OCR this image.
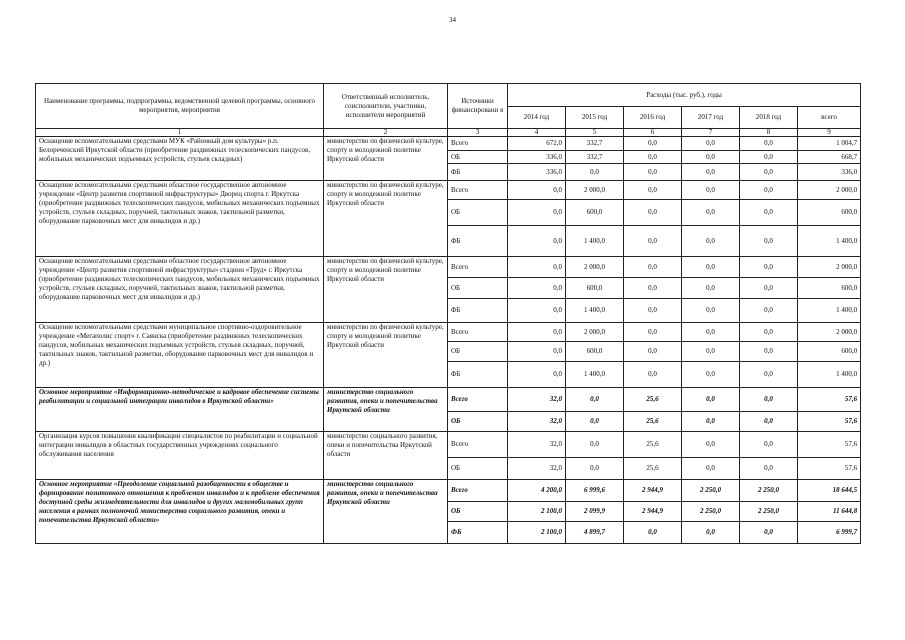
34
Наименование программы, подпрограммы, ведомственной целевой программы, основного мероприятия, мероприятия	Ответственный исполнитель, соисполнители, участники, исполнители мероприятий	Источники финансировани я	Расходы (тыс. руб.), годы					
			2014 год	2015 год	2016 год	2017 год	2018 год	всего
1	2	3	4	5	6	7	8	9
Оснащение вспомогательными средствами МУК «Районный дом культуры» р.п. Белореченский Иркутской области (приобретение раздвижных телескопических пандусов, мобильных механических подъемных устройств, стульев складных)	министерство по физической культуре, спорту и молодежной политике Иркутской области	Всего	672,0	332,7	0,0	0,0	0,0	1 004,7
		ОБ	336,0	332,7	0,0	0,0	0,0	668,7
		ФБ	336,0	0,0	0,0	0,0	0,0	336,0
Оснащение вспомогательными средствами областное государственное автономное учреждение «Центр развития спортивной инфраструктуры» Дворец спорта г. Иркутска (приобретение раздвижных телескопических пандусов, мобильных механических подъемных устройств, стульев складных, поручней, тактильных знаков, тактильной разметки, оборудование парковочных мест для инвалидов и др.)	министерство по физической культуре, спорту и молодежной политике Иркутской области	Всего	0,0	2 000,0	0,0	0,0	0,0	2 000,0
		ОБ	0,0	600,0	0,0	0,0	0,0	600,0
		ФБ	0,0	1 400,0	0,0	0,0	0,0	1 400,0
Оснащение вспомогательными средствами областное государственное автономное учреждение «Центр развития спортивной инфраструктуры» стадион «Труд» г. Иркутска (приобретение раздвижных телескопических пандусов, мобильных механических подъемных устройств, стульев складных, поручней, тактильных знаков, тактильной разметки, оборудование парковочных мест для инвалидов и др.)	министерство по физической культуре, спорту и молодежной политике Иркутской области	Всего	0,0	2 000,0	0,0	0,0	0,0	2 000,0
		ОБ	0,0	600,0	0,0	0,0	0,0	600,0
		ФБ	0,0	1 400,0	0,0	0,0	0,0	1 400,0
Оснащение вспомогательными средствами муниципальное спортивно-оздоровительное учреждение «Мегаполис спорт» г. Саянска (приобретение раздвижных телескопических пандусов, мобильных механических подъемных устройств, стульев складных, поручней, тактильных знаков, тактильной разметки, оборудование парковочных мест для инвалидов и др.)	министерство по физической культуре, спорту и молодежной политике Иркутской области	Всего	0,0	2 000,0	0,0	0,0	0,0	2 000,0
		ОБ	0,0	600,0	0,0	0,0	0,0	600,0
		ФБ	0,0	1 400,0	0,0	0,0	0,0	1 400,0
Основное мероприятие «Информационно-методическое и кадровое обеспечение системы реабилитации и социальной интеграции инвалидов в Иркутской области»	министерство социального развития, опеки и попечительства Иркутской области	Всего	32,0	0,0	25,6	0,0	0,0	57,6
		ОБ	32,0	0,0	25,6	0,0	0,0	57,6
Организация курсов повышения квалификации специалистов по реабилитации и социальной интеграции инвалидов в областных государственных учреждениях социального обслуживания населения	министерство социального развития, опеки и попечительства Иркутской области	Всего	32,0	0,0	25,6	0,0	0,0	57,6
		ОБ	32,0	0,0	25,6	0,0	0,0	57,6
Основное мероприятие «Преодоление социальной разобщенности в обществе и формирование позитивного отношения к проблемам инвалидов и к проблеме обеспечения доступной среды жизнедеятельности для инвалидов и других маломобильных групп населения в рамках полномочий министерства социального развития, опеки и попечительства Иркутской области»	министерство социального развития, опеки и попечительства Иркутской области	Всего	4 200,0	6 999,6	2 944,9	2 250,0	2 250,0	18 644,5
		ОБ	2 100,0	2 099,9	2 944,9	2 250,0	2 250,0	11 644,8
		ФБ	2 100,0	4 899,7	0,0	0,0	0,0	6 999,7
